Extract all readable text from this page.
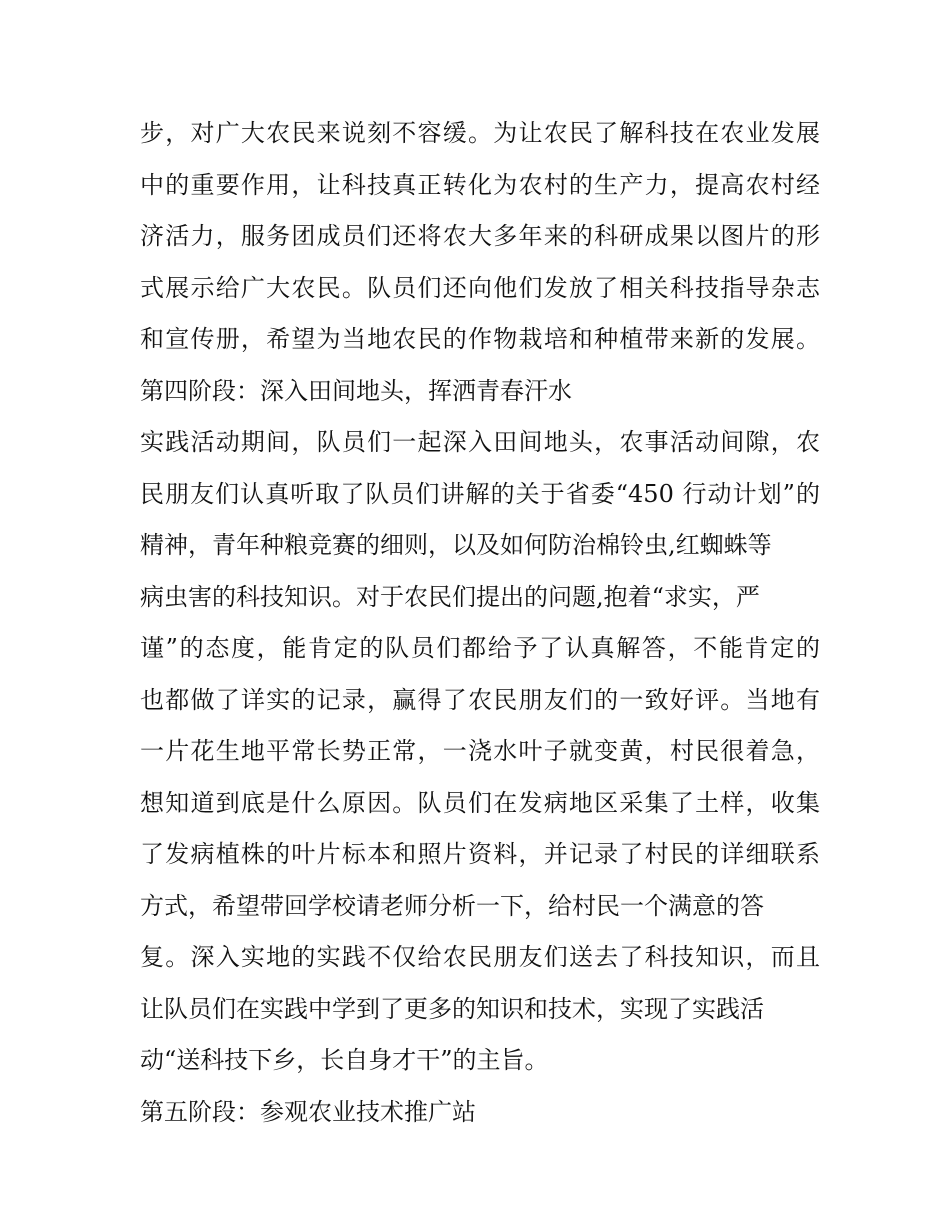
步，对广大农民来说刻不容缓。为让农民了解科技在农业发展
中的重要作用，让科技真正转化为农村的生产力，提高农村经
济活力，服务团成员们还将农大多年来的科研成果以图片的形
式展示给广大农民。队员们还向他们发放了相关科技指导杂志
和宣传册，希望为当地农民的作物栽培和种植带来新的发展。
第四阶段：深入田间地头，挥洒青春汗水
实践活动期间，队员们一起深入田间地头，农事活动间隙，农
民朋友们认真听取了队员们讲解的关于省委“450 行动计划”的
精神，青年种粮竞赛的细则，以及如何防治棉铃虫,红蜘蛛等
病虫害的科技知识。对于农民们提出的问题,抱着“求实，严
谨”的态度，能肯定的队员们都给予了认真解答，不能肯定的
也都做了详实的记录，赢得了农民朋友们的一致好评。当地有
一片花生地平常长势正常，一浇水叶子就变黄，村民很着急，
想知道到底是什么原因。队员们在发病地区采集了土样，收集
了发病植株的叶片标本和照片资料，并记录了村民的详细联系
方式，希望带回学校请老师分析一下，给村民一个满意的答
复。深入实地的实践不仅给农民朋友们送去了科技知识，而且
让队员们在实践中学到了更多的知识和技术，实现了实践活
动“送科技下乡，长自身才干”的主旨。
第五阶段：参观农业技术推广站
